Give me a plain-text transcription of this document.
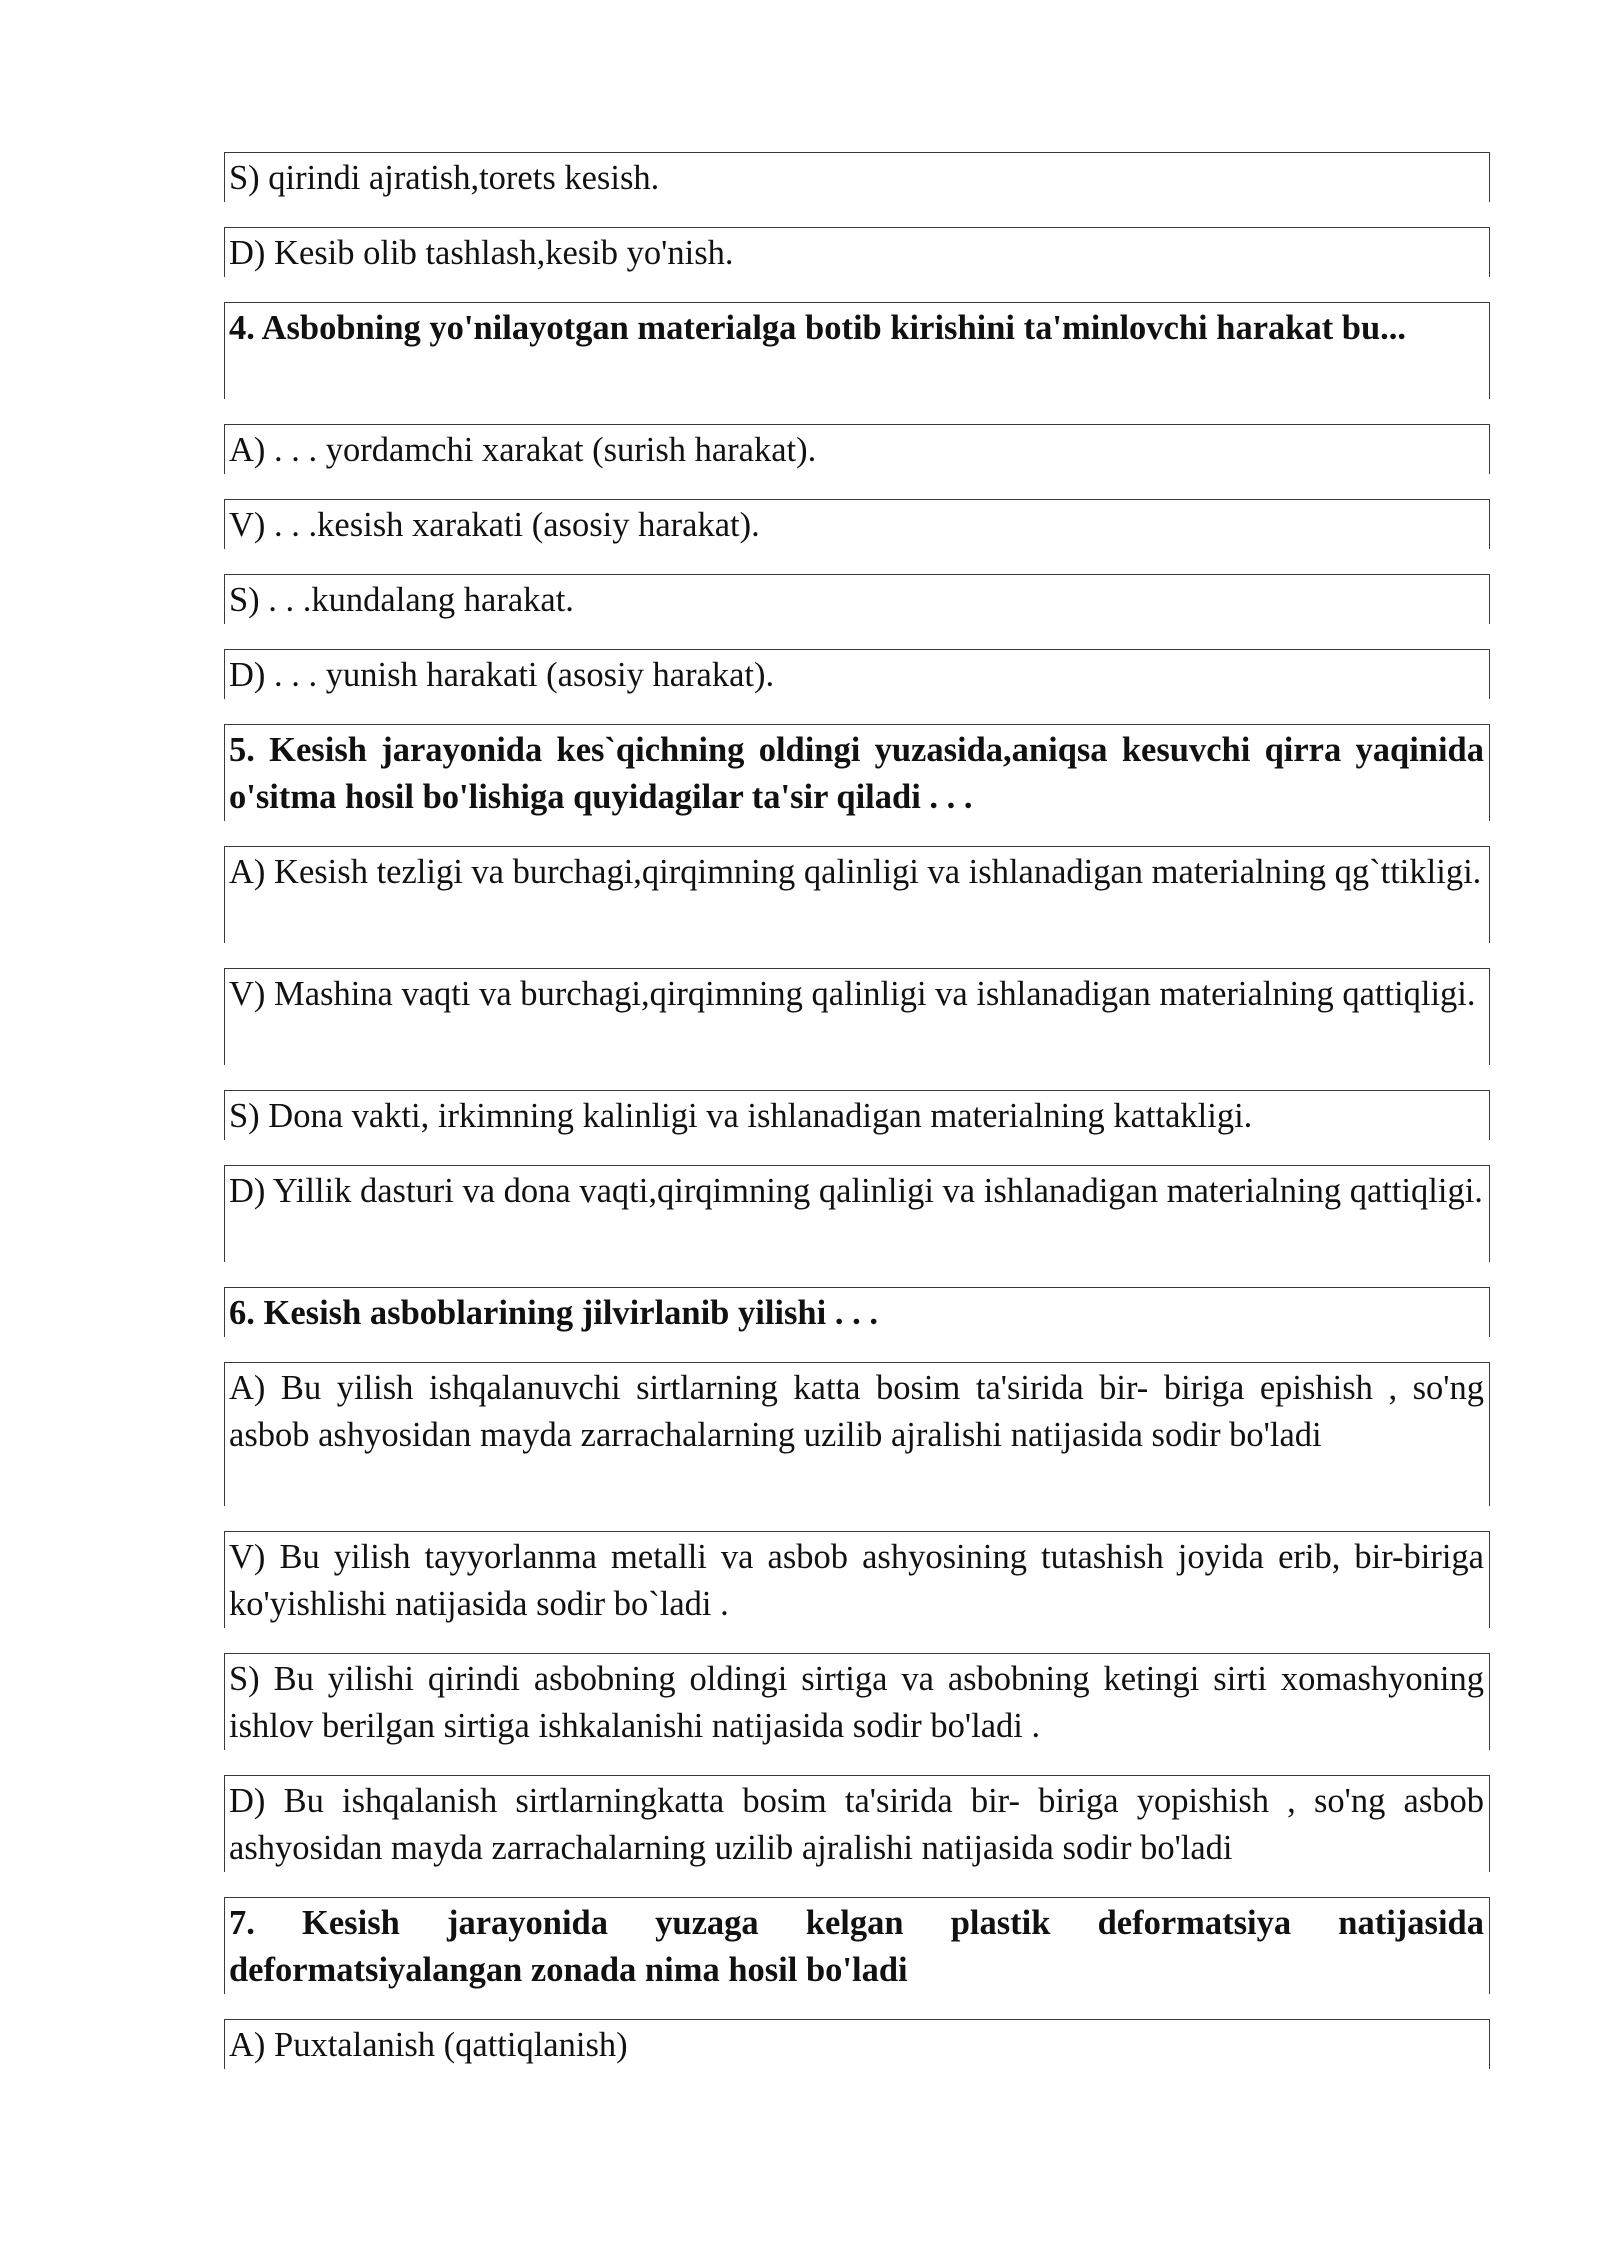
S) qirindi ajratish,torets kesish.
D) Kesib olib tashlash,kesib yo'nish.
4. Asbobning yo'nilayotgan materialga botib kirishini ta'minlovchi harakat bu...
A) . . . yordamchi xarakat (surish harakat).
V) . . .kesish xarakati (asosiy harakat).
S) . . .kundalang harakat.
D) . . . yunish harakati (asosiy harakat).
5. Kesish jarayonida kes`qichning oldingi yuzasida,aniqsa kesuvchi qirra yaqinida o'sitma hosil bo'lishiga quyidagilar ta'sir qiladi . . .
A) Kesish tezligi va burchagi,qirqimning qalinligi va ishlanadigan materialning qg`ttikligi.
V) Mashina vaqti va burchagi,qirqimning qalinligi va ishlanadigan materialning qattiqligi.
S) Dona vakti, irkimning kalinligi va ishlanadigan materialning kattakligi.
D) Yillik dasturi va dona vaqti,qirqimning qalinligi va ishlanadigan materialning qattiqligi.
6. Kesish asboblarining jilvirlanib yilishi . . .
A) Bu yilish ishqalanuvchi sirtlarning katta bosim ta'sirida bir- biriga epishish , so'ng asbob ashyosidan mayda zarrachalarning uzilib ajralishi natijasida sodir bo'ladi
V) Bu yilish tayyorlanma metalli va asbob ashyosining tutashish joyida erib, bir-biriga ko'yishlishi natijasida sodir bo`ladi .
S) Bu yilishi qirindi asbobning oldingi sirtiga va asbobning ketingi sirti xomashyoning ishlov berilgan sirtiga ishkalanishi natijasida sodir bo'ladi .
D) Bu ishqalanish sirtlarningkatta bosim ta'sirida bir- biriga yopishish , so'ng asbob ashyosidan mayda zarrachalarning uzilib ajralishi natijasida sodir bo'ladi
7. Kesish jarayonida yuzaga kelgan plastik deformatsiya natijasida deformatsiyalangan zonada nima hosil bo'ladi
A) Puxtalanish (qattiqlanish)
